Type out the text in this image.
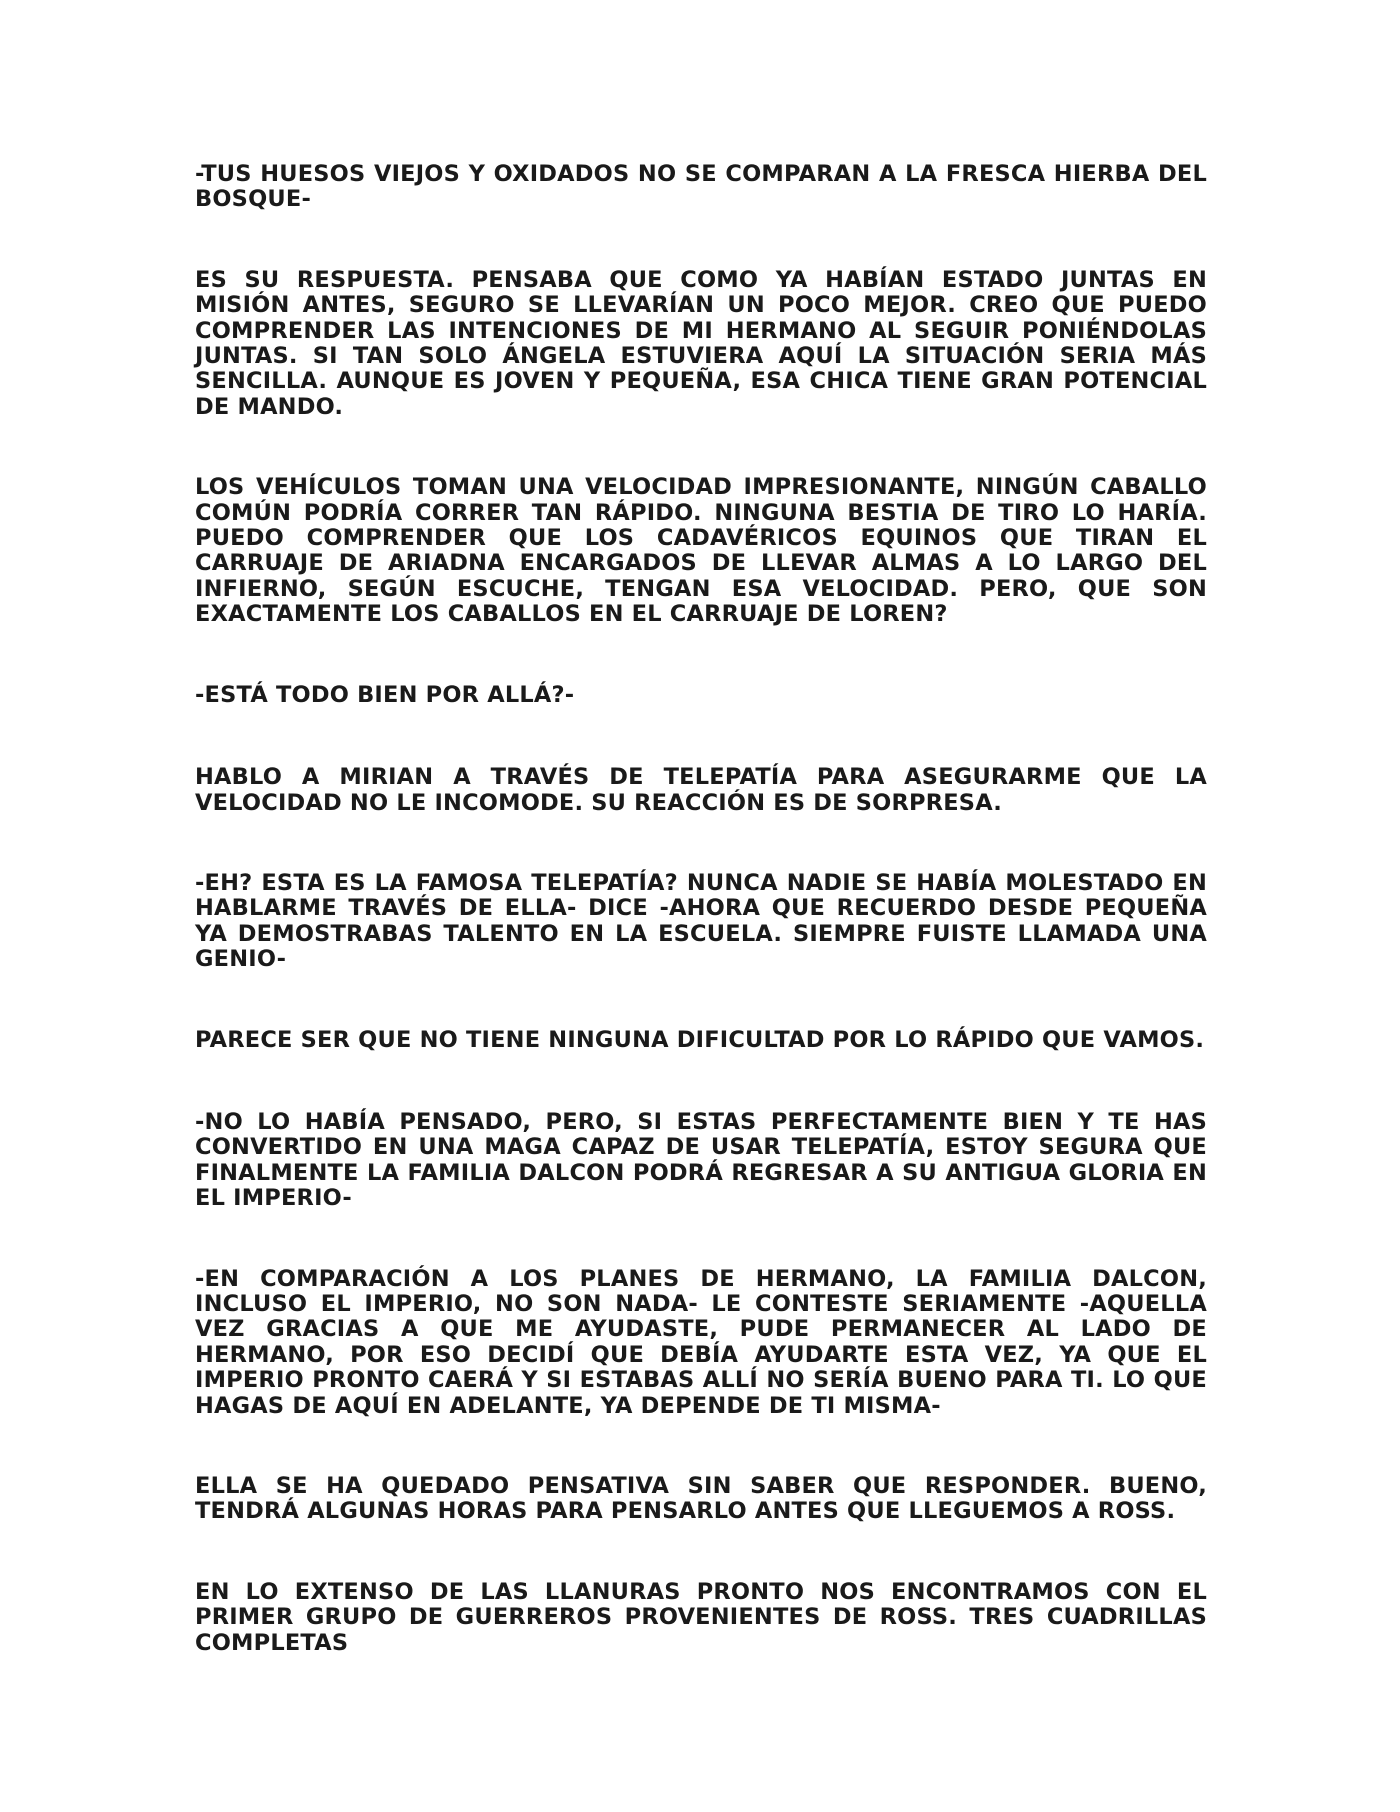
-TUS HUESOS VIEJOS Y OXIDADOS NO SE COMPARAN A LA FRESCA HIERBA DEL BOSQUE-

ES SU RESPUESTA. PENSABA QUE COMO YA HABÍAN ESTADO JUNTAS EN MISIÓN ANTES, SEGURO SE LLEVARÍAN UN POCO MEJOR. CREO QUE PUEDO COMPRENDER LAS INTENCIONES DE MI HERMANO AL SEGUIR PONIÉNDOLAS JUNTAS. SI TAN SOLO ÁNGELA ESTUVIERA AQUÍ LA SITUACIÓN SERIA MÁS SENCILLA. AUNQUE ES JOVEN Y PEQUEÑA, ESA CHICA TIENE GRAN POTENCIAL DE MANDO.

LOS VEHÍCULOS TOMAN UNA VELOCIDAD IMPRESIONANTE, NINGÚN CABALLO COMÚN PODRÍA CORRER TAN RÁPIDO. NINGUNA BESTIA DE TIRO LO HARÍA. PUEDO COMPRENDER QUE LOS CADAVÉRICOS EQUINOS QUE TIRAN EL CARRUAJE DE ARIADNA ENCARGADOS DE LLEVAR ALMAS A LO LARGO DEL INFIERNO, SEGÚN ESCUCHE, TENGAN ESA VELOCIDAD. PERO, QUE SON EXACTAMENTE LOS CABALLOS EN EL CARRUAJE DE LOREN?

-ESTÁ TODO BIEN POR ALLÁ?-

HABLO A MIRIAN A TRAVÉS DE TELEPATÍA PARA ASEGURARME QUE LA VELOCIDAD NO LE INCOMODE. SU REACCIÓN ES DE SORPRESA.

-EH? ESTA ES LA FAMOSA TELEPATÍA? NUNCA NADIE SE HABÍA MOLESTADO EN HABLARME TRAVÉS DE ELLA- DICE -AHORA QUE RECUERDO DESDE PEQUEÑA YA DEMOSTRABAS TALENTO EN LA ESCUELA. SIEMPRE FUISTE LLAMADA UNA GENIO-

PARECE SER QUE NO TIENE NINGUNA DIFICULTAD POR LO RÁPIDO QUE VAMOS.

-NO LO HABÍA PENSADO, PERO, SI ESTAS PERFECTAMENTE BIEN Y TE HAS CONVERTIDO EN UNA MAGA CAPAZ DE USAR TELEPATÍA, ESTOY SEGURA QUE FINALMENTE LA FAMILIA DALCON PODRÁ REGRESAR A SU ANTIGUA GLORIA EN EL IMPERIO-

-EN COMPARACIÓN A LOS PLANES DE HERMANO, LA FAMILIA DALCON, INCLUSO EL IMPERIO, NO SON NADA- LE CONTESTE SERIAMENTE -AQUELLA VEZ GRACIAS A QUE ME AYUDASTE, PUDE PERMANECER AL LADO DE HERMANO, POR ESO DECIDÍ QUE DEBÍA AYUDARTE ESTA VEZ, YA QUE EL IMPERIO PRONTO CAERÁ Y SI ESTABAS ALLÍ NO SERÍA BUENO PARA TI. LO QUE HAGAS DE AQUÍ EN ADELANTE, YA DEPENDE DE TI MISMA-

ELLA SE HA QUEDADO PENSATIVA SIN SABER QUE RESPONDER. BUENO, TENDRÁ ALGUNAS HORAS PARA PENSARLO ANTES QUE LLEGUEMOS A ROSS.

EN LO EXTENSO DE LAS LLANURAS PRONTO NOS ENCONTRAMOS CON EL PRIMER GRUPO DE GUERREROS PROVENIENTES DE ROSS. TRES CUADRILLAS COMPLETAS
